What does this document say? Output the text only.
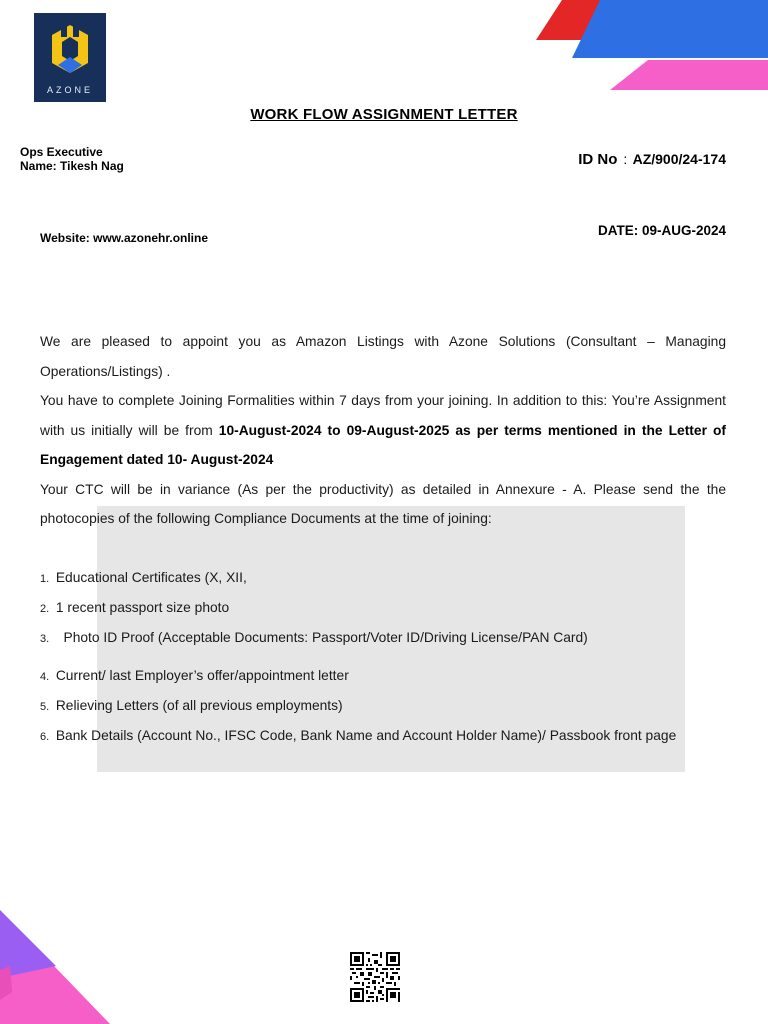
AZONE
WORK FLOW ASSIGNMENT LETTER
Ops Executive
Name: Tikesh Nag	ID No : AZ/900/24-174
DATE: 09-AUG-2024
Website: www.azonehr.online

We are pleased to appoint you as Amazon Listings with Azone Solutions (Consultant – Managing Operations/Listings) .

You have to complete Joining Formalities within 7 days from your joining. In addition to this: You’re Assignment with us initially will be from 10-August-2024 to 09-August-2025 as per terms mentioned in the Letter of Engagement dated 10- August-2024

Your CTC will be in variance (As per the productivity) as detailed in Annexure - A. Please send the the photocopies of the following Compliance Documents at the time of joining:

1. Educational Certificates (X, XII,
2. 1 recent passport size photo
3. Photo ID Proof (Acceptable Documents: Passport/Voter ID/Driving License/PAN Card)
4. Current/ last Employer’s offer/appointment letter
5. Relieving Letters (of all previous employments)
6. Bank Details (Account No., IFSC Code, Bank Name and Account Holder Name)/ Passbook front page
